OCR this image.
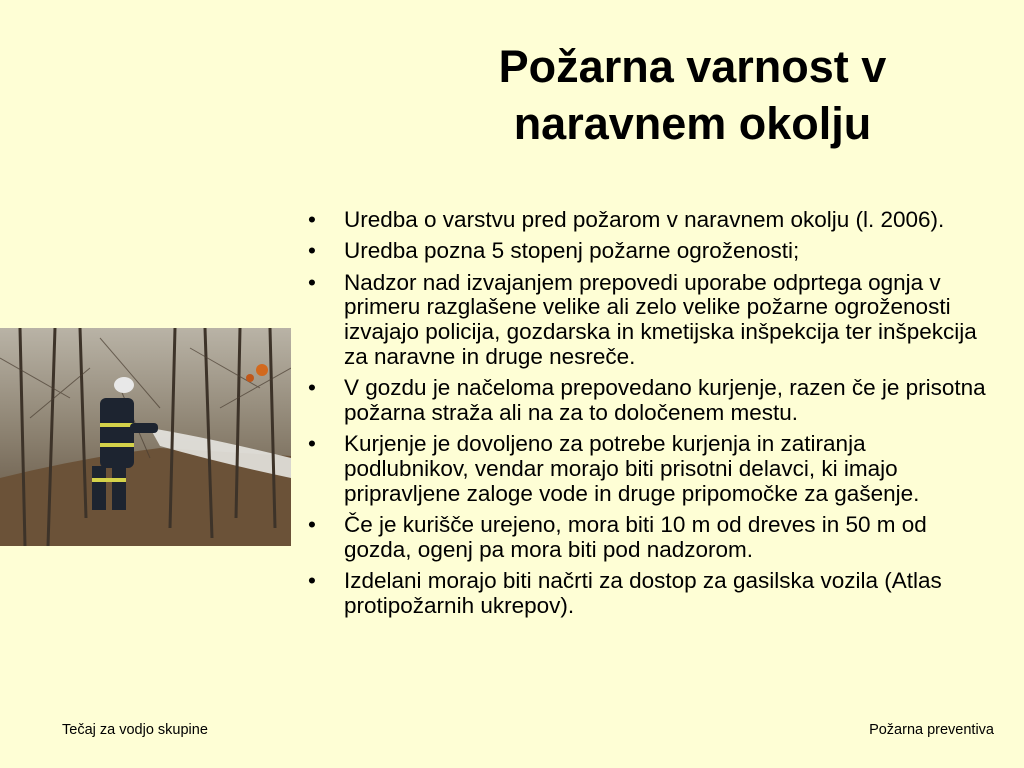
Požarna varnost v
naravnem okolju
• Uredba o varstvu pred požarom v naravnem okolju (l. 2006).
• Uredba pozna 5 stopenj požarne ogroženosti;
• Nadzor nad izvajanjem prepovedi uporabe odprtega ognja v primeru razglašene velike ali zelo velike požarne ogroženosti izvajajo policija, gozdarska in kmetijska inšpekcija ter inšpekcija za naravne in druge nesreče.
• V gozdu je načeloma prepovedano kurjenje, razen če je prisotna požarna straža ali na za to določenem mestu.
• Kurjenje je dovoljeno za potrebe kurjenja in zatiranja podlubnikov, vendar morajo biti prisotni delavci, ki imajo pripravljene zaloge vode in druge pripomočke za gašenje.
• Če je kurišče urejeno, mora biti 10 m od dreves in 50 m od gozda, ogenj pa mora biti pod nadzorom.
• Izdelani morajo biti načrti za dostop za gasilska vozila (Atlas protipožarnih ukrepov).
Tečaj za vodjo skupine	Požarna preventiva
